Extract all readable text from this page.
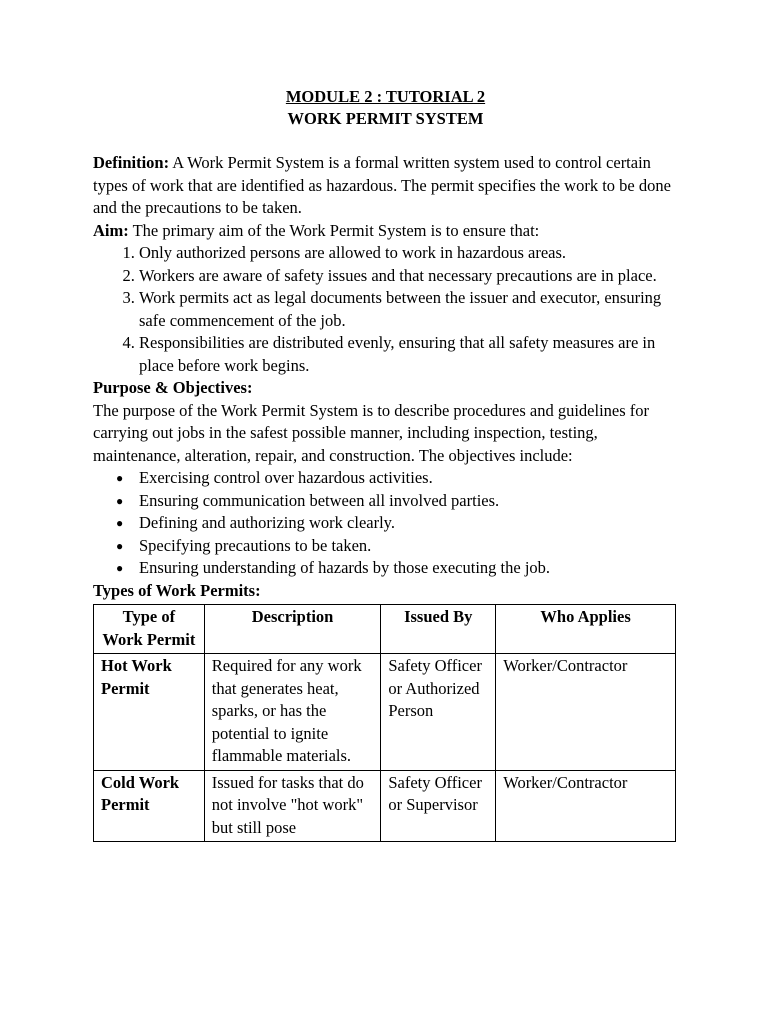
MODULE 2 : TUTORIAL 2
WORK PERMIT SYSTEM

Definition: A Work Permit System is a formal written system used to control certain types of work that are identified as hazardous. The permit specifies the work to be done and the precautions to be taken.

Aim: The primary aim of the Work Permit System is to ensure that:

1. Only authorized persons are allowed to work in hazardous areas.
2. Workers are aware of safety issues and that necessary precautions are in place.
3. Work permits act as legal documents between the issuer and executor, ensuring safe commencement of the job.
4. Responsibilities are distributed evenly, ensuring that all safety measures are in place before work begins.

Purpose & Objectives:

The purpose of the Work Permit System is to describe procedures and guidelines for carrying out jobs in the safest possible manner, including inspection, testing, maintenance, alteration, repair, and construction. The objectives include:

● Exercising control over hazardous activities.
● Ensuring communication between all involved parties.
● Defining and authorizing work clearly.
● Specifying precautions to be taken.
● Ensuring understanding of hazards by those executing the job.

Types of Work Permits:

Type of Work Permit	Description	Issued By	Who Applies
Hot Work Permit	Required for any work that generates heat, sparks, or has the potential to ignite flammable materials.	Safety Officer or Authorized Person	Worker/Contractor
Cold Work Permit	Issued for tasks that do not involve "hot work" but still pose	Safety Officer or Supervisor	Worker/Contractor
